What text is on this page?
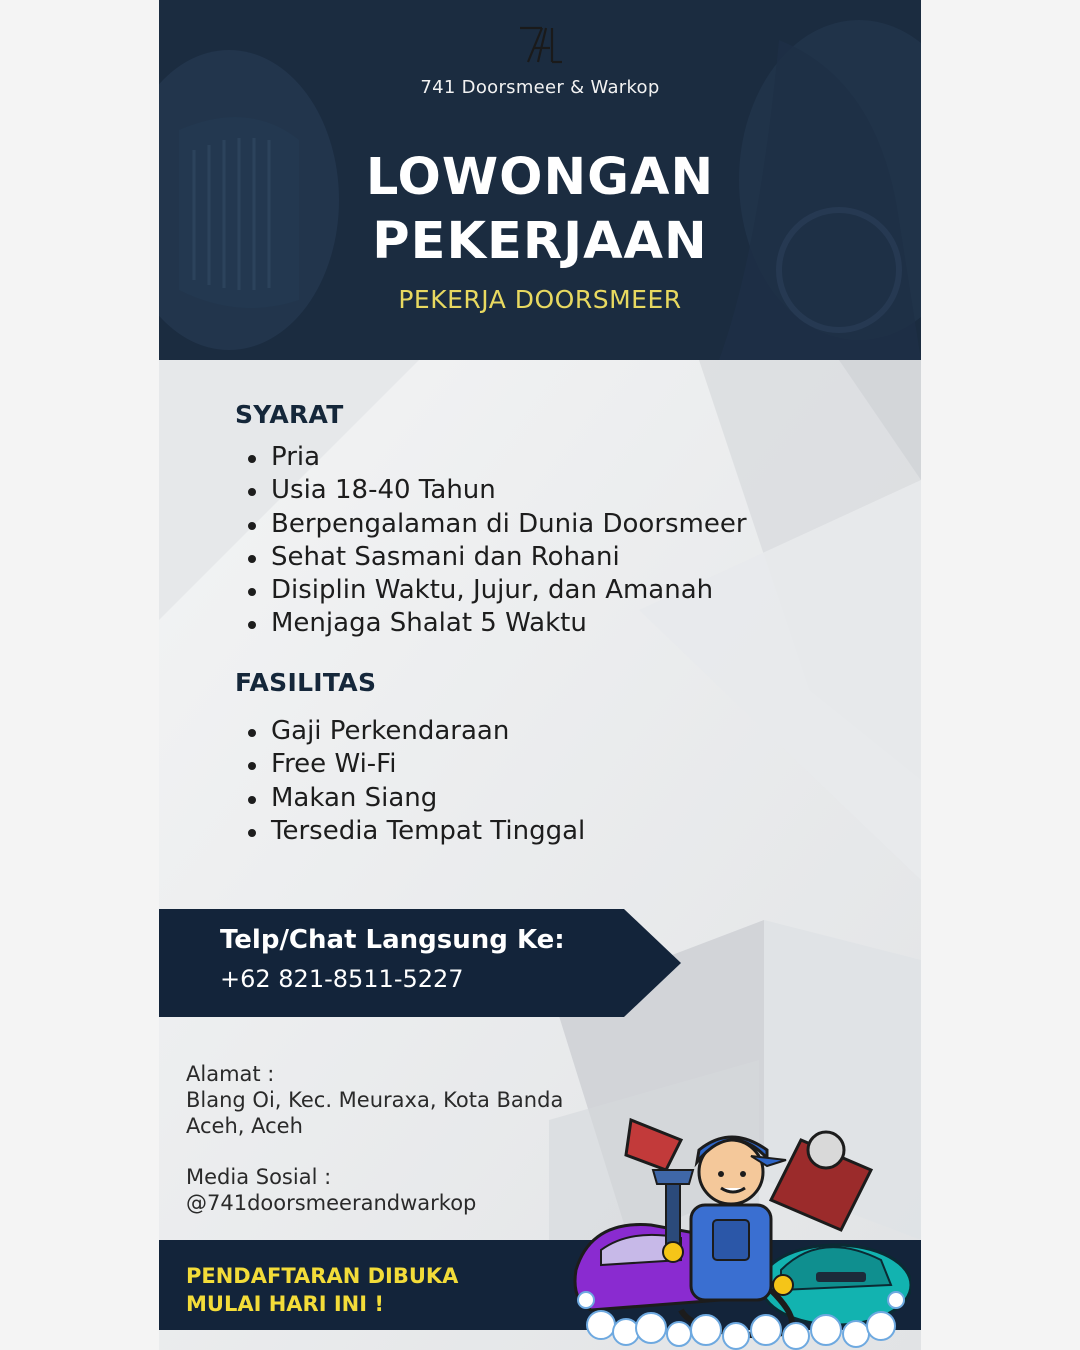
741 Doorsmeer & Warkop
LOWONGAN
PEKERJAAN
PEKERJA DOORSMEER
SYARAT
Pria
Usia 18-40 Tahun
Berpengalaman di Dunia Doorsmeer
Sehat Sasmani dan Rohani
Disiplin Waktu, Jujur, dan Amanah
Menjaga Shalat 5 Waktu
FASILITAS
Gaji Perkendaraan
Free Wi-Fi
Makan Siang
Tersedia Tempat Tinggal
Telp/Chat Langsung Ke:
+62 821-8511-5227
Alamat :
Blang Oi, Kec. Meuraxa, Kota Banda Aceh, Aceh
Media Sosial :
@741doorsmeerandwarkop
PENDAFTARAN DIBUKA
MULAI HARI INI !
